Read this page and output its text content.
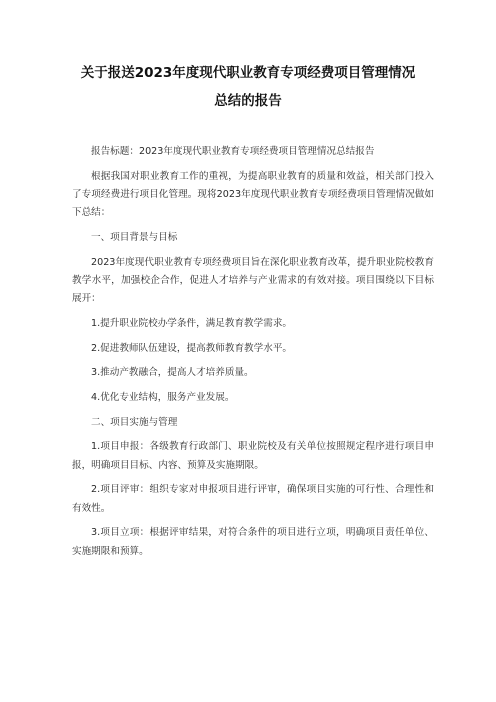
关于报送2023年度现代职业教育专项经费项目管理情况
总结的报告

报告标题：2023年度现代职业教育专项经费项目管理情况总结报告

根据我国对职业教育工作的重视，为提高职业教育的质量和效益，相关部门投入了专项经费进行项目化管理。现将2023年度现代职业教育专项经费项目管理情况做如下总结：

一、项目背景与目标

2023年度现代职业教育专项经费项目旨在深化职业教育改革，提升职业院校教育教学水平，加强校企合作，促进人才培养与产业需求的有效对接。项目围绕以下目标展开：

1.提升职业院校办学条件，满足教育教学需求。

2.促进教师队伍建设，提高教师教育教学水平。

3.推动产教融合，提高人才培养质量。

4.优化专业结构，服务产业发展。

二、项目实施与管理

1.项目申报：各级教育行政部门、职业院校及有关单位按照规定程序进行项目申报，明确项目目标、内容、预算及实施期限。

2.项目评审：组织专家对申报项目进行评审，确保项目实施的可行性、合理性和有效性。

3.项目立项：根据评审结果，对符合条件的项目进行立项，明确项目责任单位、实施期限和预算。
